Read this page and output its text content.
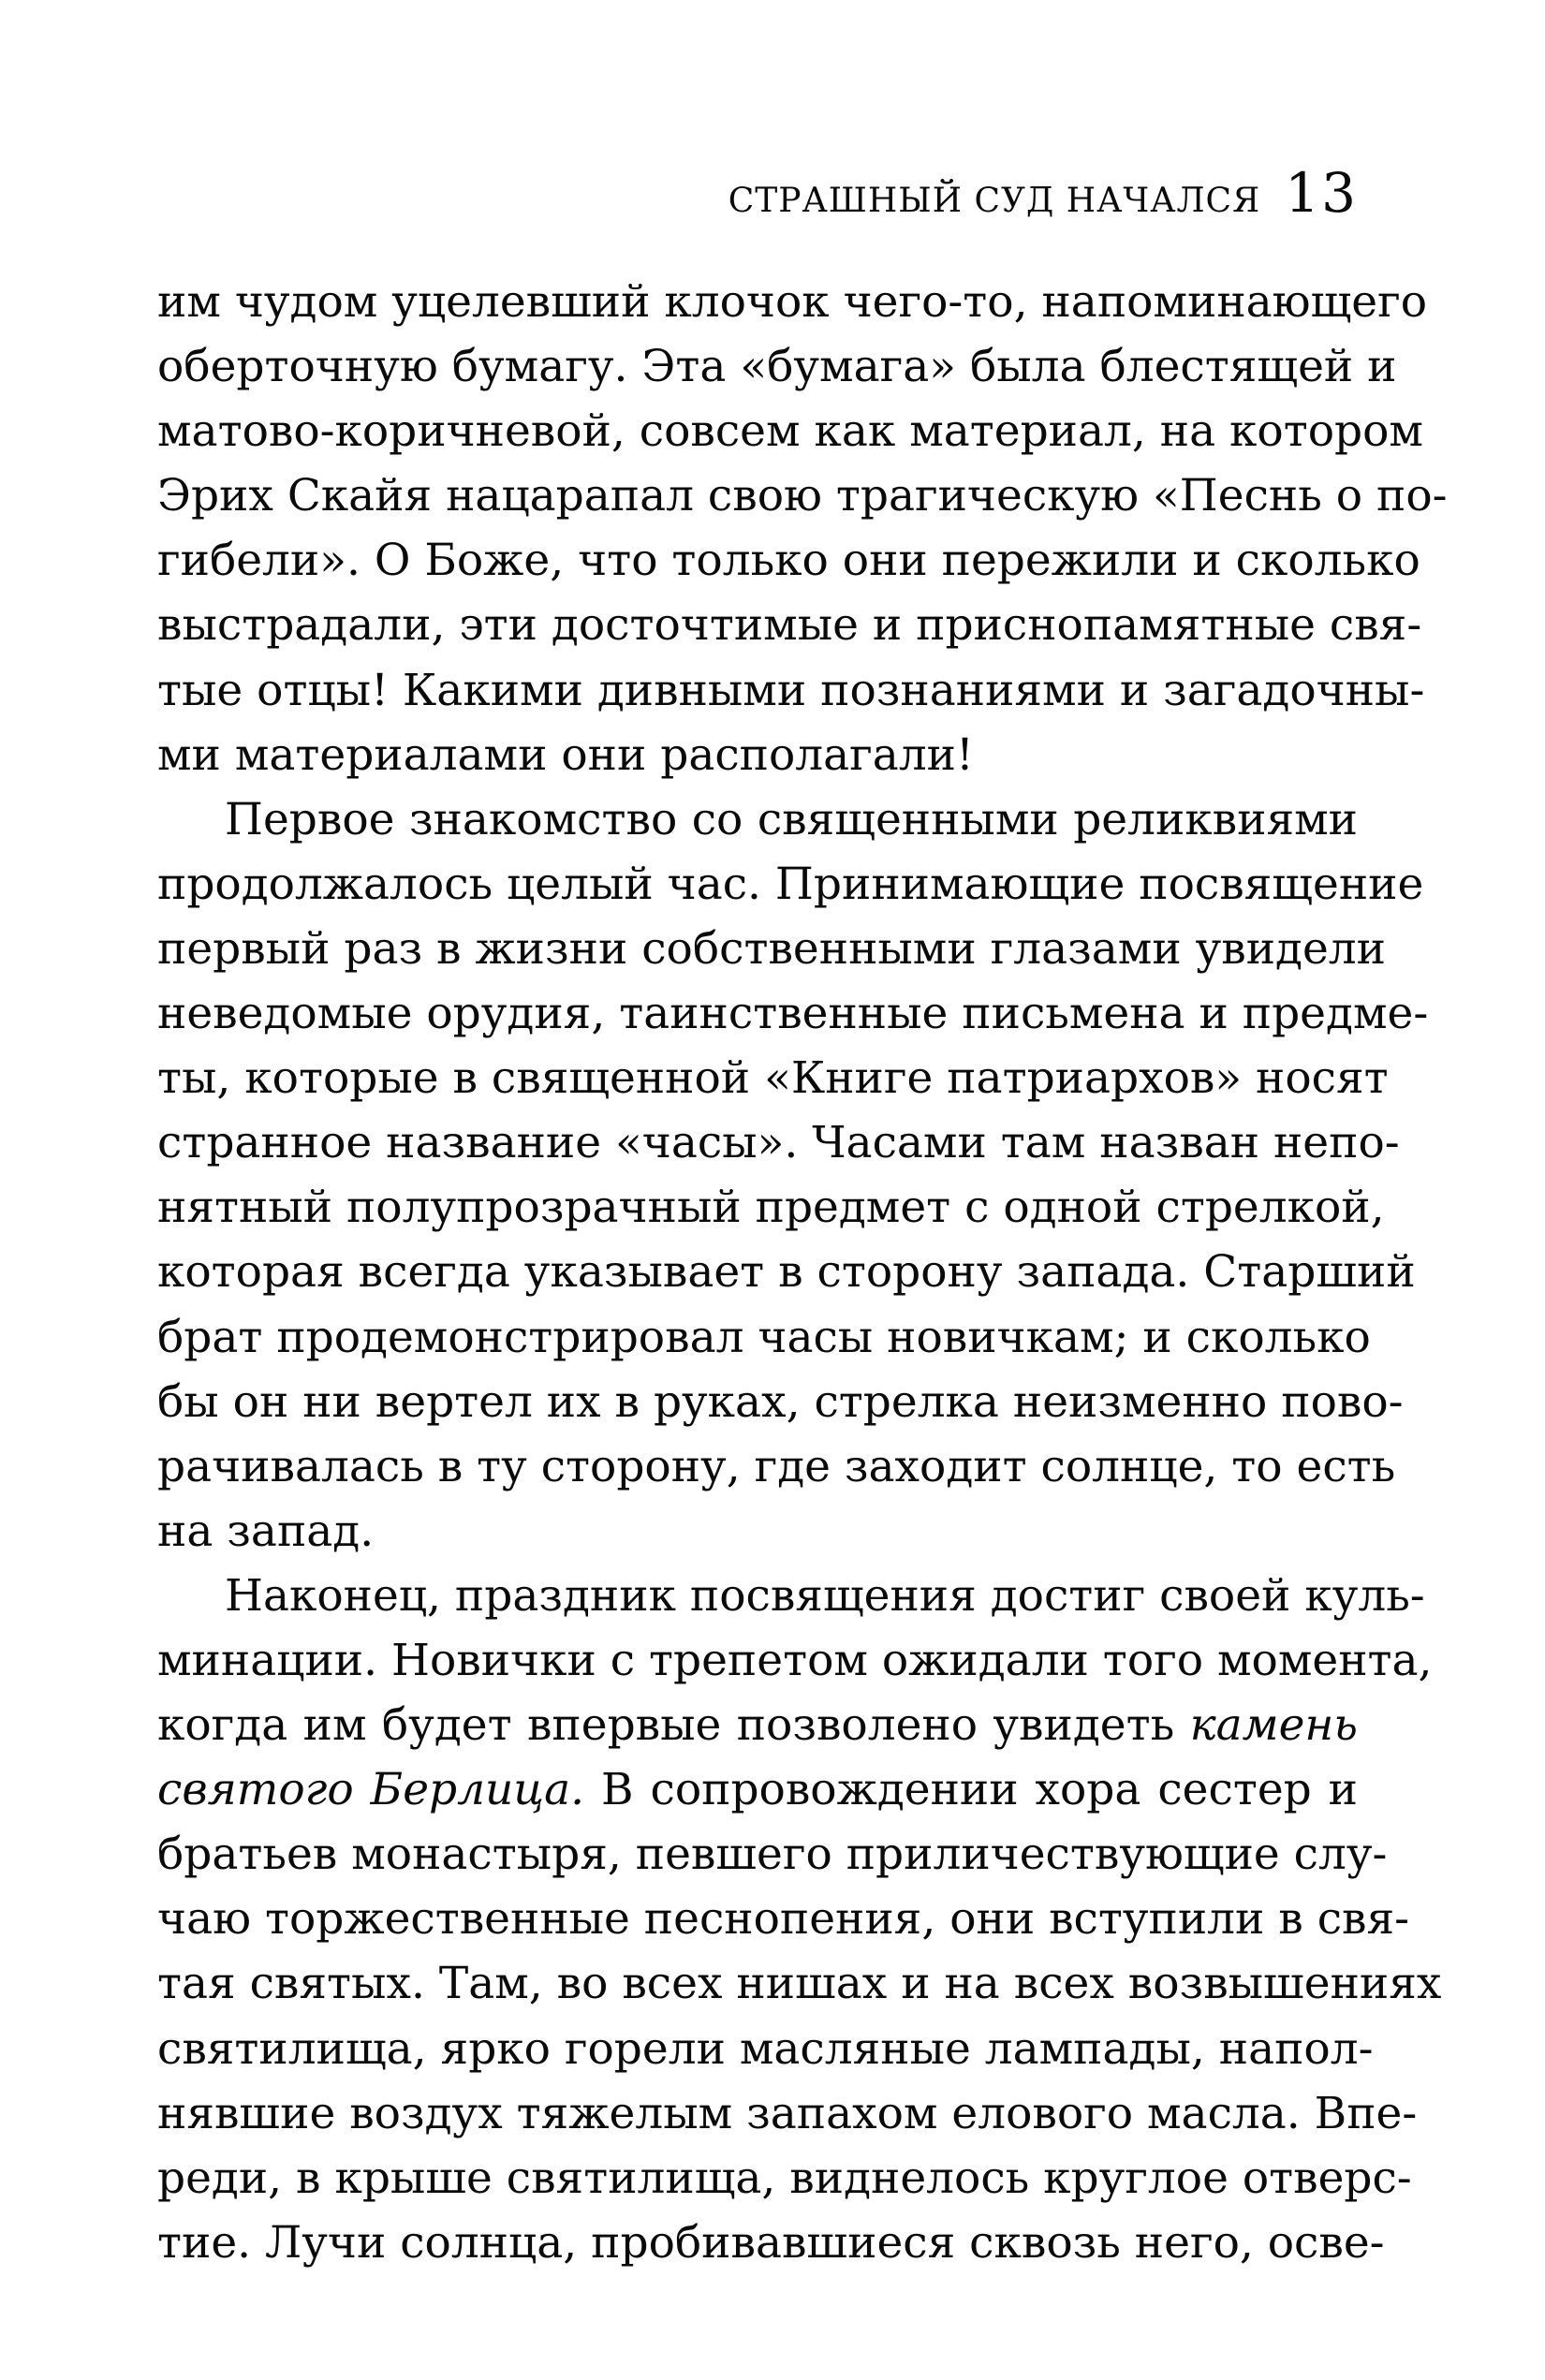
СТРАШНЫЙ СУД НАЧАЛСЯ 13
им чудом уцелевший клочок чего-то, напоминающего
оберточную бумагу. Эта «бумага» была блестящей и
матово-коричневой, совсем как материал, на котором
Эрих Скайя нацарапал свою трагическую «Песнь о по-
гибели». О Боже, что только они пережили и сколько
выстрадали, эти досточтимые и приснопамятные свя-
тые отцы! Какими дивными познаниями и загадочны-
ми материалами они располагали!
Первое знакомство со священными реликвиями
продолжалось целый час. Принимающие посвящение
первый раз в жизни собственными глазами увидели
неведомые орудия, таинственные письмена и предме-
ты, которые в священной «Книге патриархов» носят
странное название «часы». Часами там назван непо-
нятный полупрозрачный предмет с одной стрелкой,
которая всегда указывает в сторону запада. Старший
брат продемонстрировал часы новичкам; и сколько
бы он ни вертел их в руках, стрелка неизменно пово-
рачивалась в ту сторону, где заходит солнце, то есть
на запад.
Наконец, праздник посвящения достиг своей куль-
минации. Новички с трепетом ожидали того момента,
когда им будет впервые позволено увидеть камень
святого Берлица. В сопровождении хора сестер и
братьев монастыря, певшего приличествующие слу-
чаю торжественные песнопения, они вступили в свя-
тая святых. Там, во всех нишах и на всех возвышениях
святилища, ярко горели масляные лампады, напол-
нявшие воздух тяжелым запахом елового масла. Впе-
реди, в крыше святилища, виднелось круглое отверс-
тие. Лучи солнца, пробивавшиеся сквозь него, осве-
